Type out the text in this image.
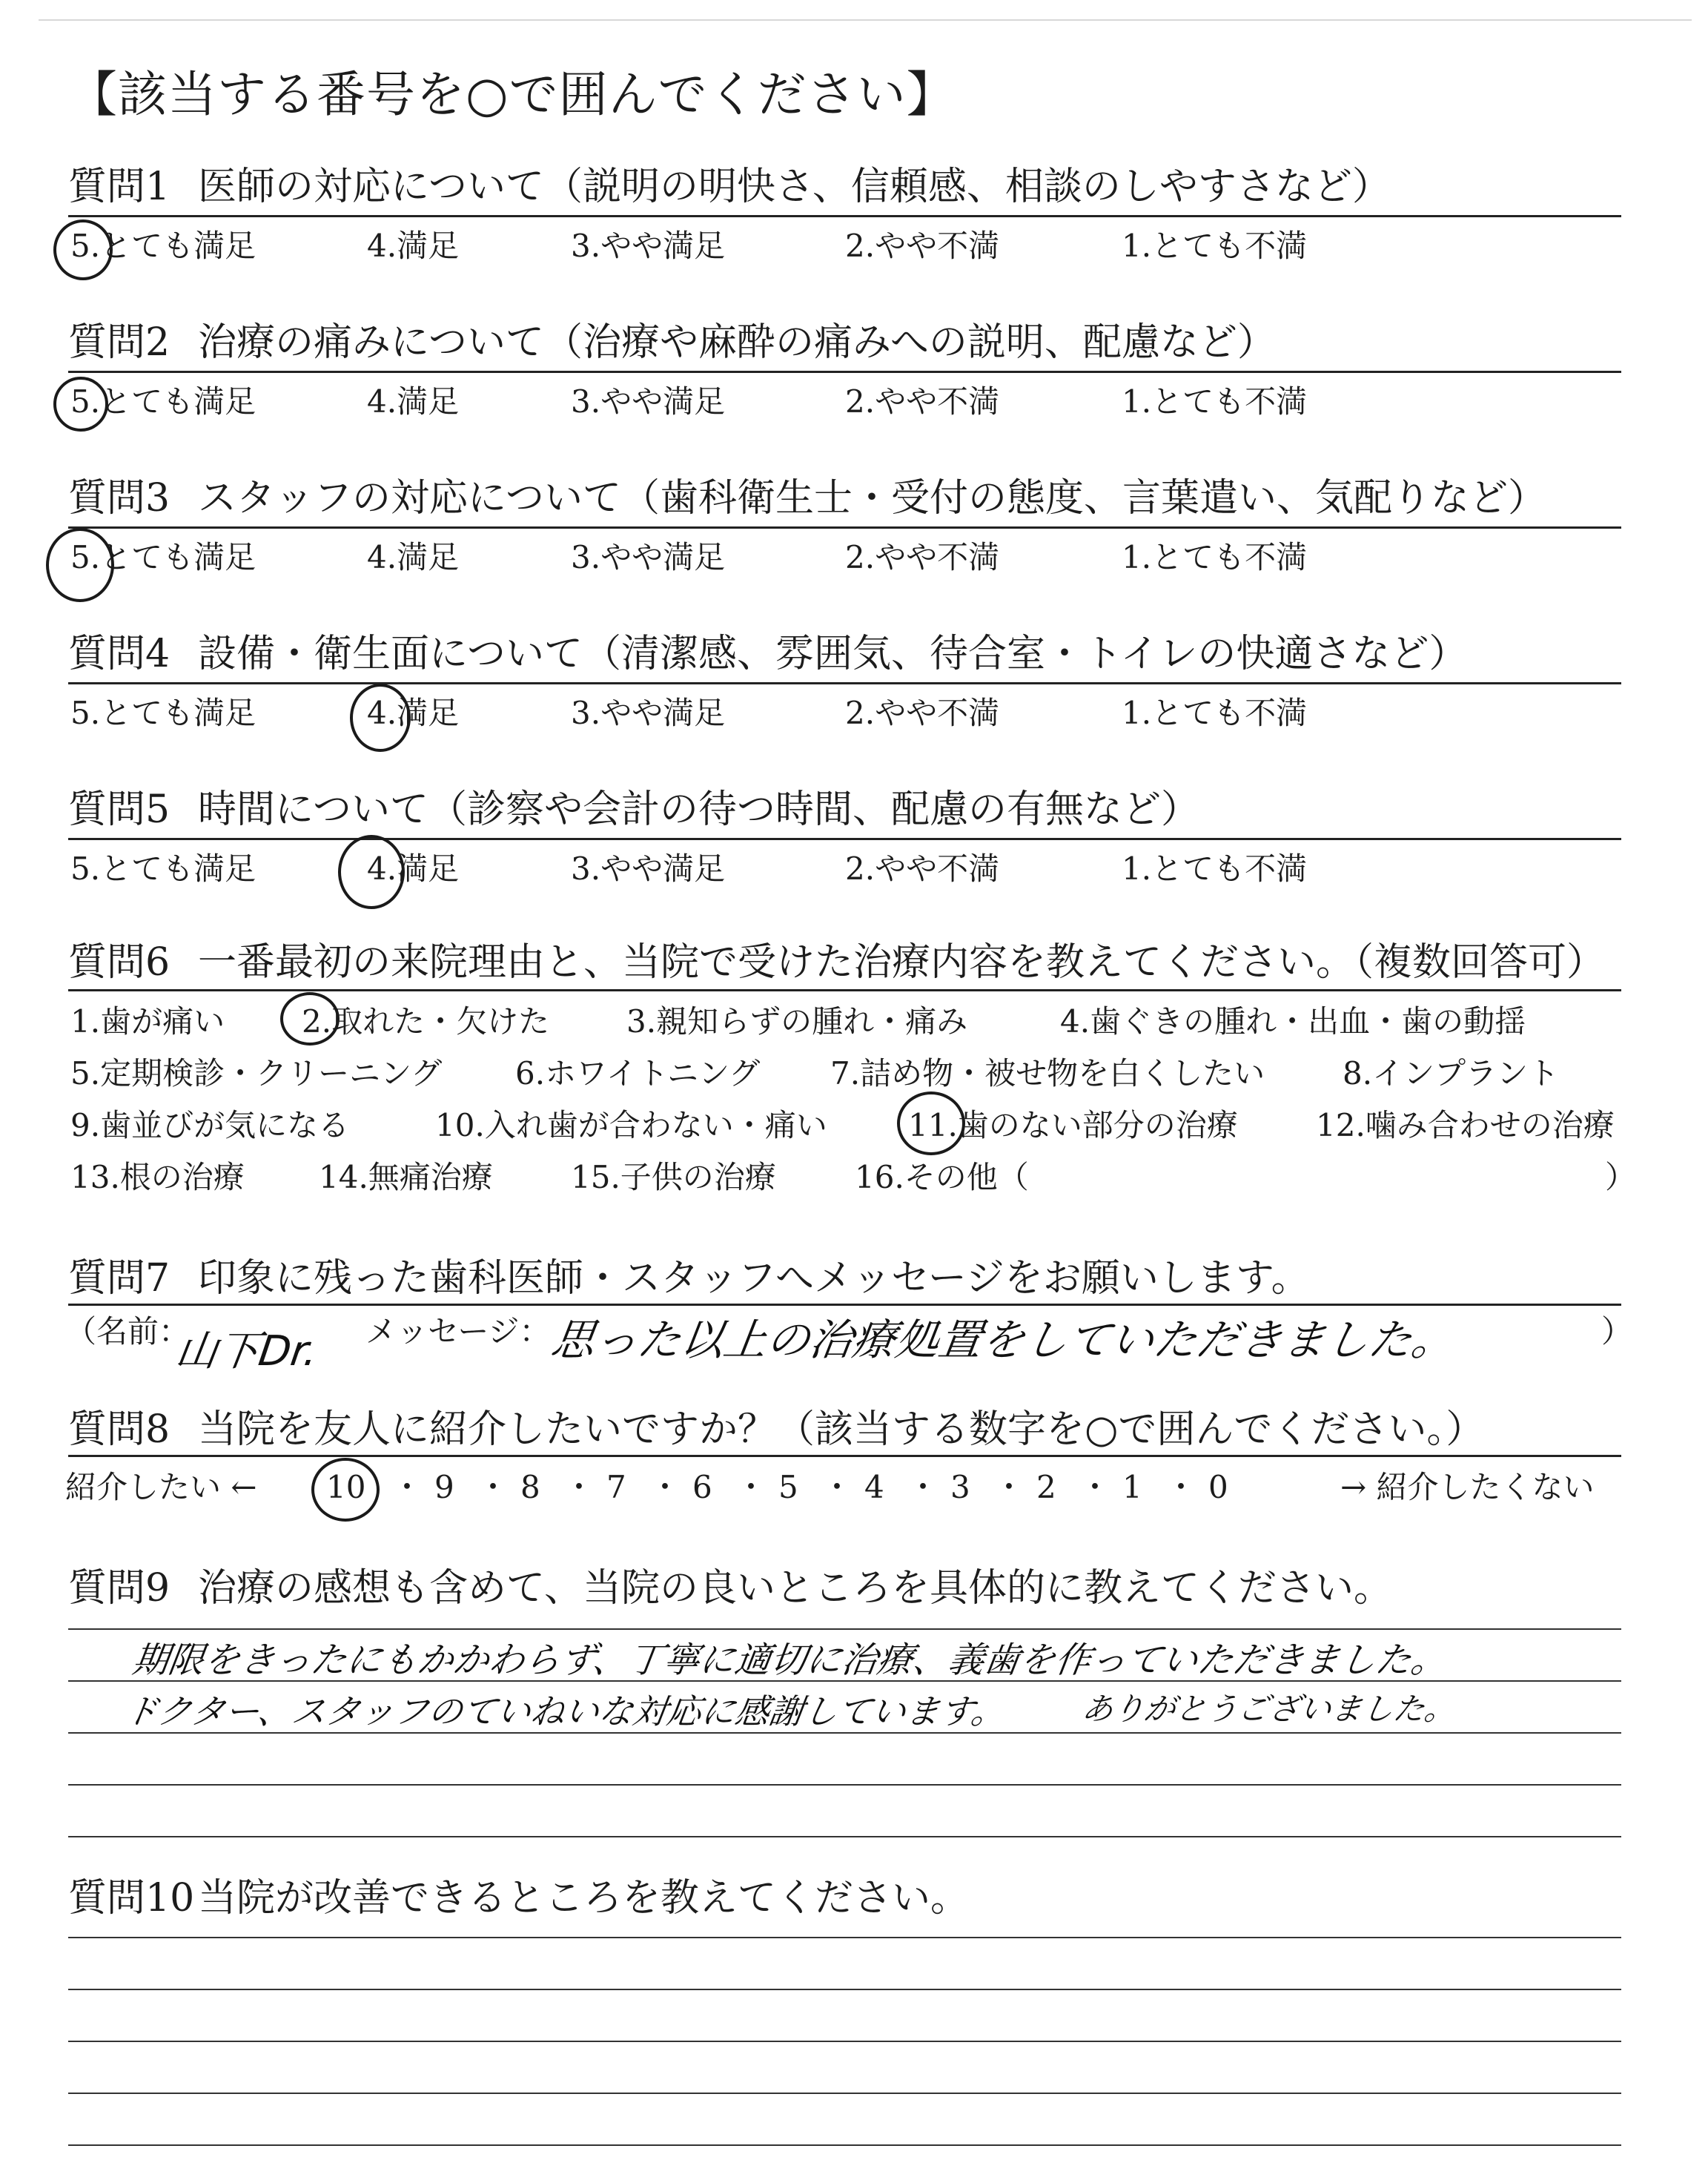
【該当する番号を○で囲んでください】
質問1 医師の対応について（説明の明快さ、信頼感、相談のしやすさなど）
5.とても満足	4.満足	3.やや満足	2.やや不満	1.とても不満
質問2 治療の痛みについて（治療や麻酔の痛みへの説明、配慮など）
5.とても満足	4.満足	3.やや満足	2.やや不満	1.とても不満
質問3 スタッフの対応について（歯科衛生士・受付の態度、言葉遣い、気配りなど）
5.とても満足	4.満足	3.やや満足	2.やや不満	1.とても不満
質問4 設備・衛生面について（清潔感、雰囲気、待合室・トイレの快適さなど）
5.とても満足	4.満足	3.やや満足	2.やや不満	1.とても不満
質問5 時間について（診察や会計の待つ時間、配慮の有無など）
5.とても満足	4.満足	3.やや満足	2.やや不満	1.とても不満
質問6 一番最初の来院理由と、当院で受けた治療内容を教えてください。（複数回答可）
1.歯が痛い 2.取れた・欠けた 3.親知らずの腫れ・痛み	4.歯ぐきの腫れ・出血・歯の動揺
5.定期検診・クリーニング 6.ホワイトニング 7.詰め物・被せ物を白くしたい 8.インプラント
9.歯並びが気になる	10.入れ歯が合わない・痛い	11.歯のない部分の治療	12.噛み合わせの治療
13.根の治療 14.無痛治療	15.子供の治療	16.その他（	）
質問7 印象に残った歯科医師・スタッフへメッセージをお願いします。
（名前：	メッセージ：	）
山下Dr.	思った以上の治療処置をしていただきました。
質問8 当院を友人に紹介したいですか？（該当する数字を○で囲んでください。）
紹介したい ← 10 ・ 9 ・ 8 ・ 7 ・ 6 ・ 5 ・ 4 ・ 3 ・ 2 ・ 1 ・ 0	→ 紹介したくない
質問9 治療の感想も含めて、当院の良いところを具体的に教えてください。
期限をきったにもかかわらず、丁寧に適切に治療、義歯を作っていただきました。
ドクター、スタッフのていねいな対応に感謝しています。 ありがとうございました。
質問10当院が改善できるところを教えてください。
